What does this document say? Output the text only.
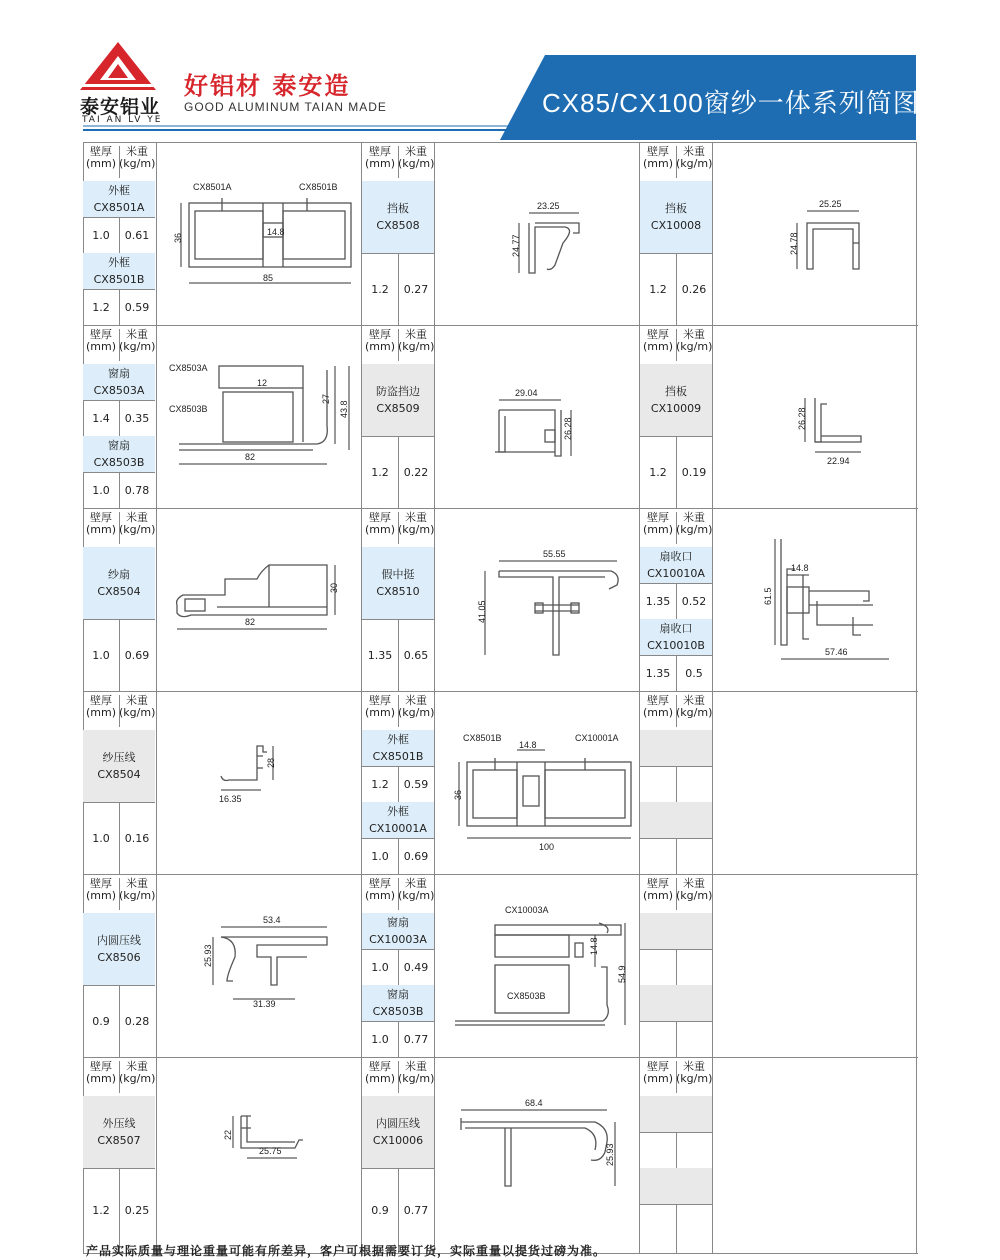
泰安铝业
TAI AN LV YE
好铝材 泰安造
GOOD ALUMINUM TAIAN MADE	CX85/CX100窗纱一体系列简图
壁厚
(mm)
米重
(kg/m)
外框
CX8501A
1.0	0.61
外框
CX8501B
1.2	0.59
CX8501A	CX8501B
14.8
36
85
壁厚
(mm)
米重
(kg/m)
挡板
CX8508
1.2	0.27
23.25
24.77
壁厚
(mm)
米重
(kg/m)
挡板
CX10008
1.2	0.26
25.25
24.78
壁厚
(mm)
米重
(kg/m)
窗扇
CX8503A
1.4	0.35
窗扇
CX8503B
1.0	0.78
CX8503A
CX8503B
12
27
43.8
82
壁厚
(mm)
米重
(kg/m)
防盗挡边
CX8509
1.2	0.22
29.04
26.28
壁厚
(mm)
米重
(kg/m)
挡板
CX10009
1.2	0.19
26.28
22.94
壁厚
(mm)
米重
(kg/m)
纱扇
CX8504
1.0	0.69
30
82
壁厚
(mm)
米重
(kg/m)
假中挺
CX8510
1.35	0.65
55.55
41.05
壁厚
(mm)
米重
(kg/m)
扇收口
CX10010A
1.35	0.52
扇收口
CX10010B
1.35	0.5
61.5
14.8
57.46
壁厚
(mm)
米重
(kg/m)
纱压线
CX8504
1.0	0.16
28
16.35
壁厚
(mm)
米重
(kg/m)
外框
CX8501B
1.2	0.59
外框
CX10001A
1.0	0.69
CX8501B	CX10001A
14.8
36
100
壁厚
(mm)
米重
(kg/m)
壁厚
(mm)
米重
(kg/m)
内圆压线
CX8506
0.9	0.28
53.4
25.93
31.39
壁厚
(mm)
米重
(kg/m)
窗扇
CX10003A
1.0	0.49
窗扇
CX8503B
1.0	0.77
CX10003A
CX8503B
14.8
54.9
壁厚
(mm)
米重
(kg/m)
壁厚
(mm)
米重
(kg/m)
外压线
CX8507
1.2	0.25
22
25.75
壁厚
(mm)
米重
(kg/m)
内圆压线
CX10006
0.9	0.77
68.4
25.93
壁厚
(mm)
米重
(kg/m)
产品实际质量与理论重量可能有所差异，客户可根据需要订货，实际重量以提货过磅为准。
